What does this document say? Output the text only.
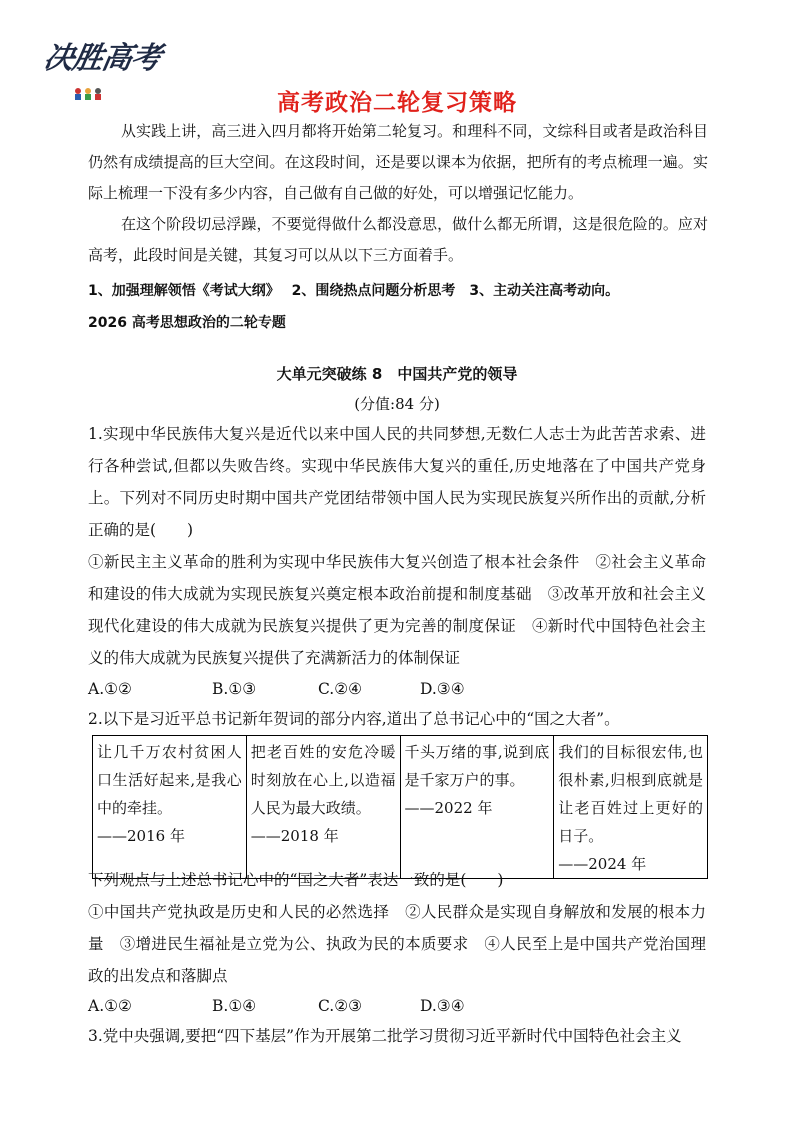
决胜高考
高考政治二轮复习策略
从实践上讲，高三进入四月都将开始第二轮复习。和理科不同，文综科目或者是政治科目仍然有成绩提高的巨大空间。在这段时间，还是要以课本为依据，把所有的考点梳理一遍。实际上梳理一下没有多少内容，自己做有自己做的好处，可以增强记忆能力。
在这个阶段切忌浮躁，不要觉得做什么都没意思，做什么都无所谓，这是很危险的。应对高考，此段时间是关键，其复习可以从以下三方面着手。
1、加强理解领悟《考试大纲》　 2、围绕热点问题分析思考　3、主动关注高考动向。
2026 高考思想政治的二轮专题
大单元突破练 8　中国共产党的领导
(分值:84 分)
1.实现中华民族伟大复兴是近代以来中国人民的共同梦想,无数仁人志士为此苦苦求索、进行各种尝试,但都以失败告终。实现中华民族伟大复兴的重任,历史地落在了中国共产党身上。下列对不同历史时期中国共产党团结带领中国人民为实现民族复兴所作出的贡献,分析正确的是(　　)
①新民主主义革命的胜利为实现中华民族伟大复兴创造了根本社会条件　②社会主义革命和建设的伟大成就为实现民族复兴奠定根本政治前提和制度基础　③改革开放和社会主义现代化建设的伟大成就为民族复兴提供了更为完善的制度保证　④新时代中国特色社会主义的伟大成就为民族复兴提供了充满新活力的体制保证
A.①②	B.①③	C.②④	D.③④
2.以下是习近平总书记新年贺词的部分内容,道出了总书记心中的“国之大者”。
让几千万农村贫困人口生活好起来,是我心中的牵挂。
——2016 年
	把老百姓的安危冷暖时刻放在心上,以造福人民为最大政绩。
——2018 年
	千头万绪的事,说到底是千家万户的事。
——2022 年
	我们的目标很宏伟,也很朴素,归根到底就是让老百姓过上更好的日子。
——2024 年
下列观点与上述总书记心中的“国之大者”表达一致的是(　　)
①中国共产党执政是历史和人民的必然选择　②人民群众是实现自身解放和发展的根本力量　③增进民生福祉是立党为公、执政为民的本质要求　④人民至上是中国共产党治国理政的出发点和落脚点
A.①②	B.①④	C.②③	D.③④
3.党中央强调,要把“四下基层”作为开展第二批学习贯彻习近平新时代中国特色社会主义
